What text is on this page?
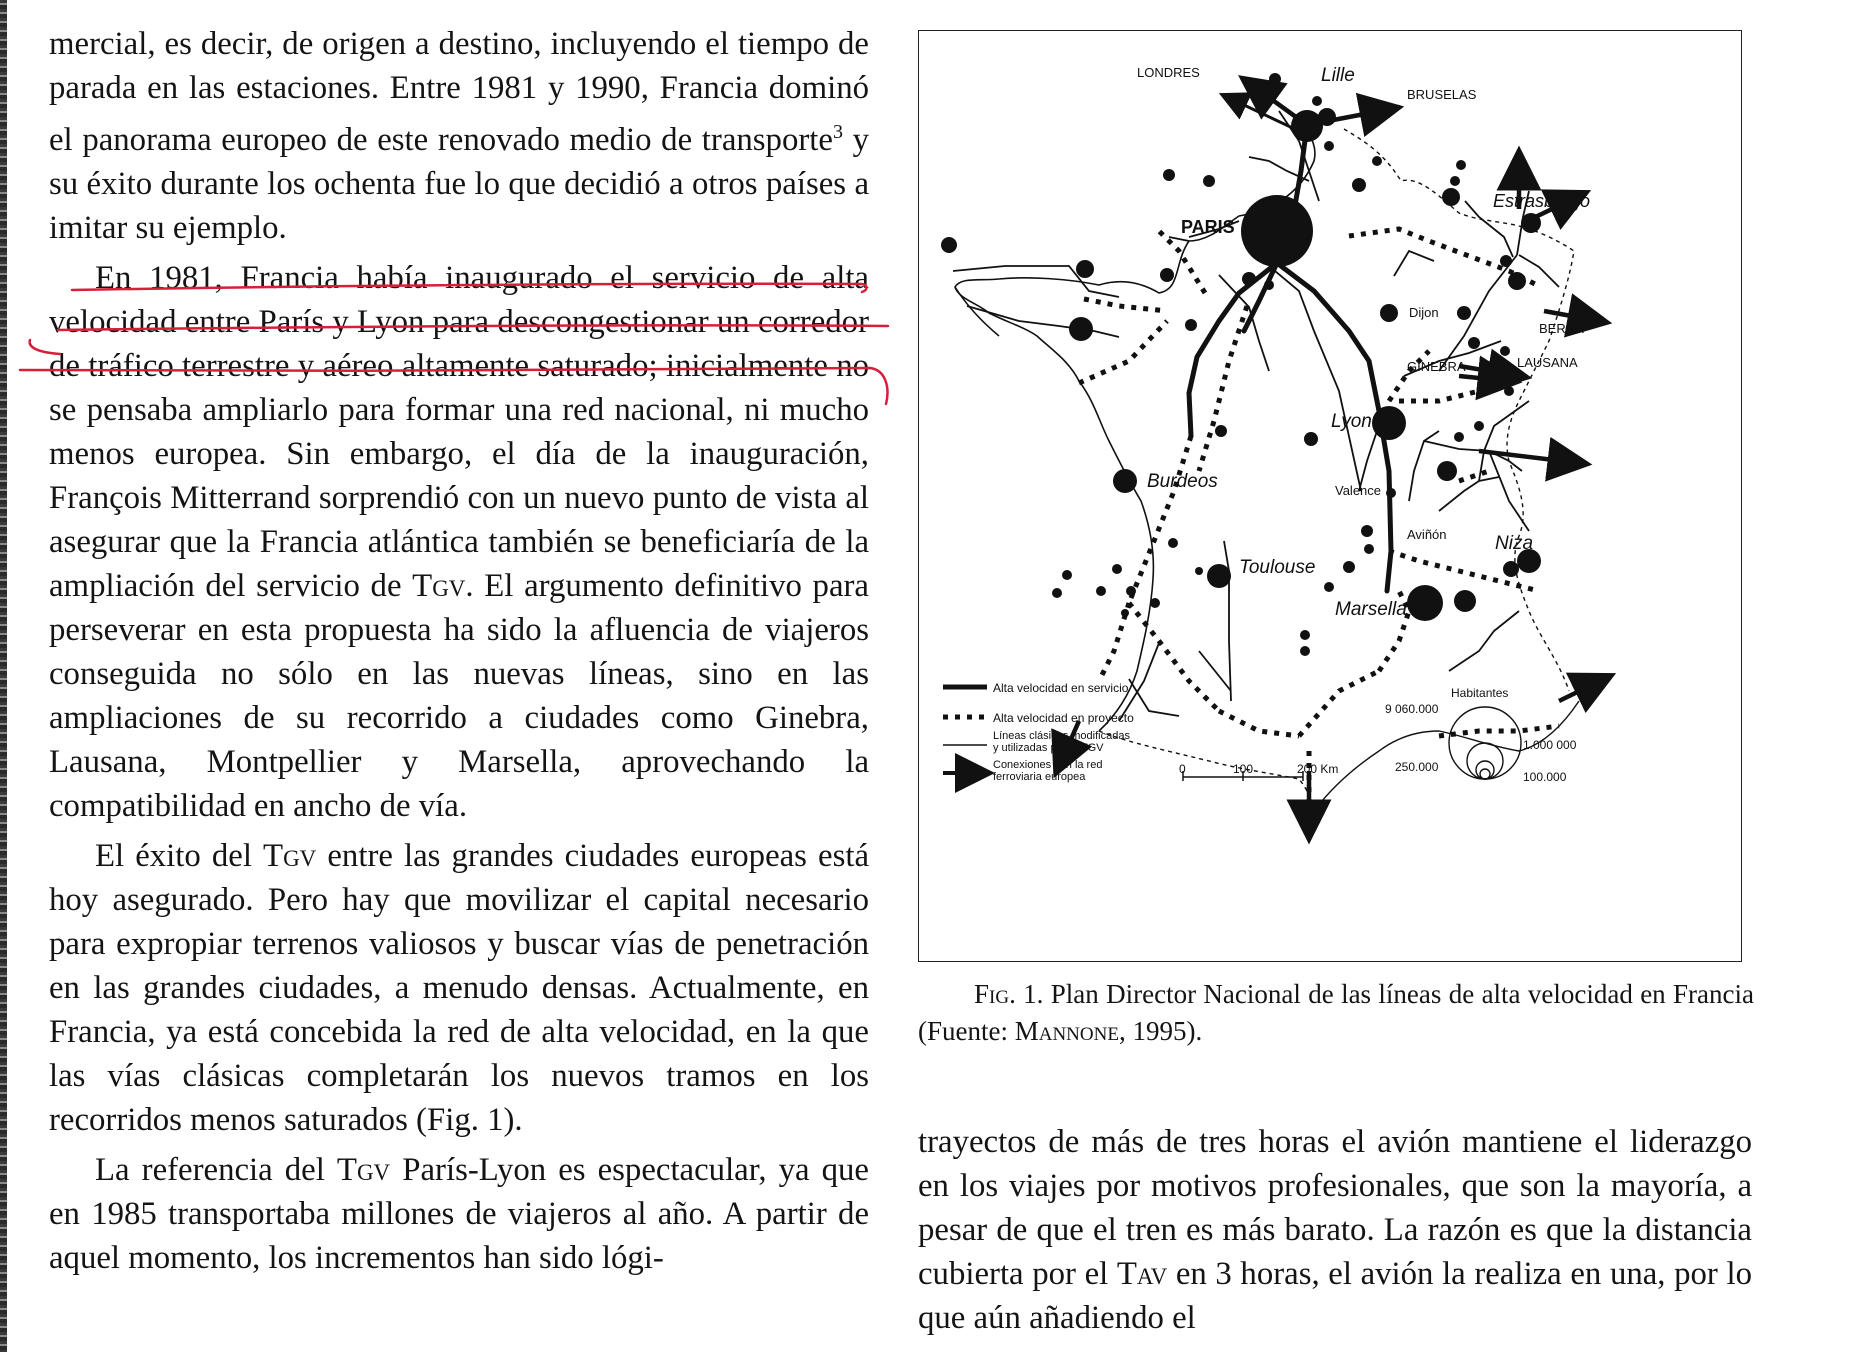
mercial, es decir, de origen a destino, incluyendo el tiempo de parada en las estaciones. Entre 1981 y 1990, Francia dominó el panorama europeo de este renovado medio de transporte$^3$ y su éxito durante los ochenta fue lo que decidió a otros países a imitar su ejemplo.

En 1981, Francia había inaugurado el servicio de alta velocidad entre París y Lyon para descongestionar un corredor de tráfico terrestre y aéreo altamente saturado; inicialmente no se pensaba ampliarlo para formar una red nacional, ni mucho menos europea. Sin embargo, el día de la inauguración, François Mitterrand sorprendió con un nuevo punto de vista al asegurar que la Francia atlántica también se beneficiaría de la ampliación del servicio de Tgv. El argumento definitivo para perseverar en esta propuesta ha sido la afluencia de viajeros conseguida no sólo en las nuevas líneas, sino en las ampliaciones de su recorrido a ciudades como Ginebra, Lausana, Montpellier y Marsella, aprovechando la compatibilidad en ancho de vía.

El éxito del Tgv entre las grandes ciudades europeas está hoy asegurado. Pero hay que movilizar el capital necesario para expropiar terrenos valiosos y buscar vías de penetración en las grandes ciudades, a menudo densas. Actualmente, en Francia, ya está concebida la red de alta velocidad, en la que las vías clásicas completarán los nuevos tramos en los recorridos menos saturados (Fig. 1).

La referencia del Tgv París-Lyon es espectacular, ya que en 1985 transportaba millones de viajeros al año. A partir de aquel momento, los incrementos han sido lógi-

LONDRES	Lille
BRUSELAS
PARIS
Estrasburgo
Dijon
BERNA
GINEBRA	LAUSANA
Lyon
Burdeos	Valence
Aviñón	Niza
Toulouse
Marsella
Alta velocidad en servicio
Alta velocidad en proyecto
Líneas clásicas modificadas
y utilizadas por el TGV
Conexiones con la red
ferroviaria europea
0	100	200 Km
Habitantes
9 060.000
1.000 000
250.000
100.000
Fig. 1. Plan Director Nacional de las líneas de alta velocidad en Francia (Fuente: Mannone, 1995).

trayectos de más de tres horas el avión mantiene el liderazgo en los viajes por motivos profesionales, que son la mayoría, a pesar de que el tren es más barato. La razón es que la distancia cubierta por el Tav en 3 horas, el avión la realiza en una, por lo que aún añadiendo el
